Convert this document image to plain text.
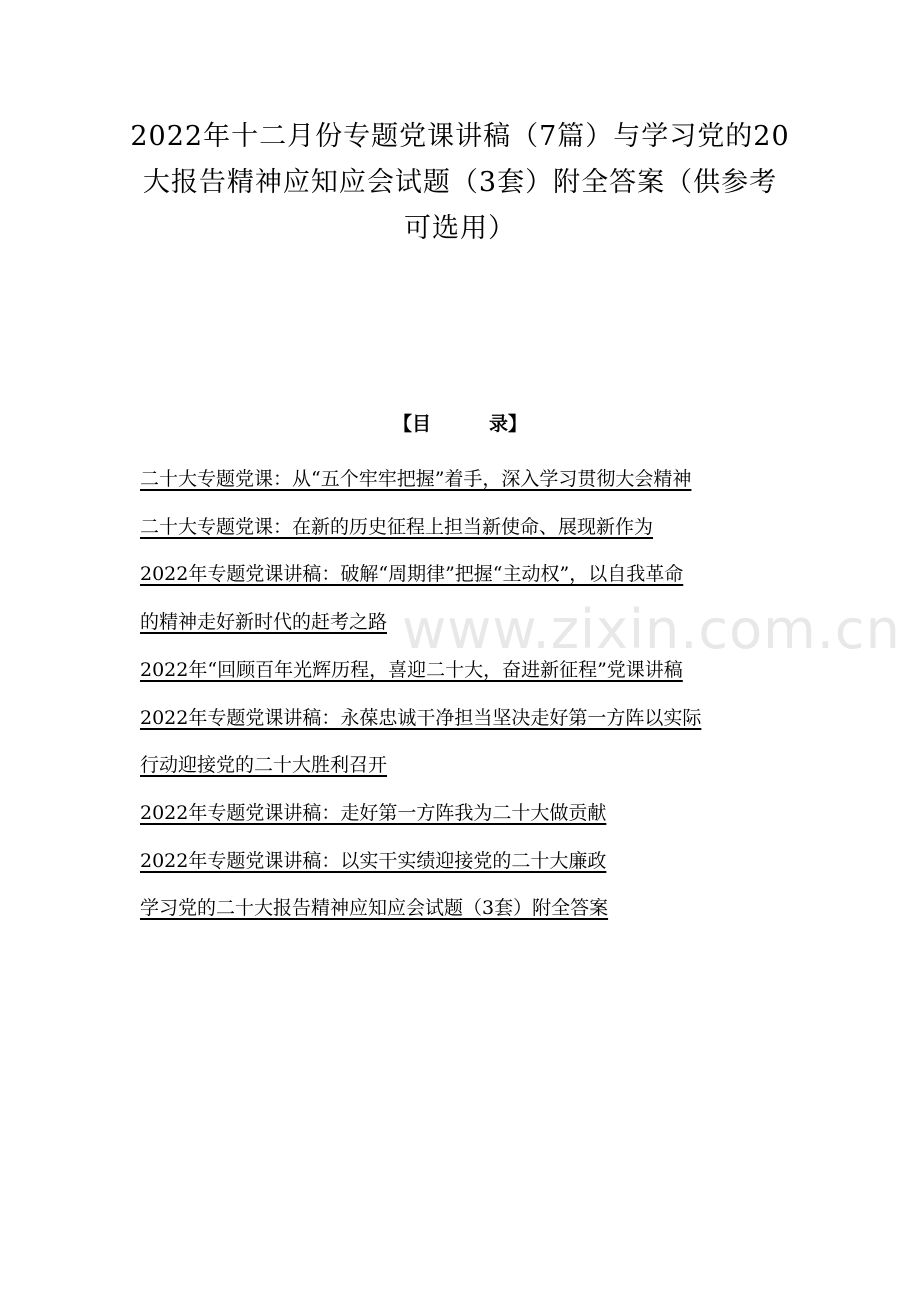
2022年十二月份专题党课讲稿（7篇）与学习党的20
大报告精神应知应会试题（3套）附全答案（供参考
可选用）
【目	录】
二十大专题党课：从“五个牢牢把握”着手，深入学习贯彻大会精神
二十大专题党课：在新的历史征程上担当新使命、展现新作为
2022年专题党课讲稿：破解“周期律”把握“主动权”，以自我革命
的精神走好新时代的赶考之路
2022年“回顾百年光辉历程，喜迎二十大，奋进新征程”党课讲稿
2022年专题党课讲稿：永葆忠诚干净担当坚决走好第一方阵以实际
行动迎接党的二十大胜利召开
2022年专题党课讲稿：走好第一方阵我为二十大做贡献
2022年专题党课讲稿：以实干实绩迎接党的二十大廉政
学习党的二十大报告精神应知应会试题（3套）附全答案
www.zixin.com.cn
